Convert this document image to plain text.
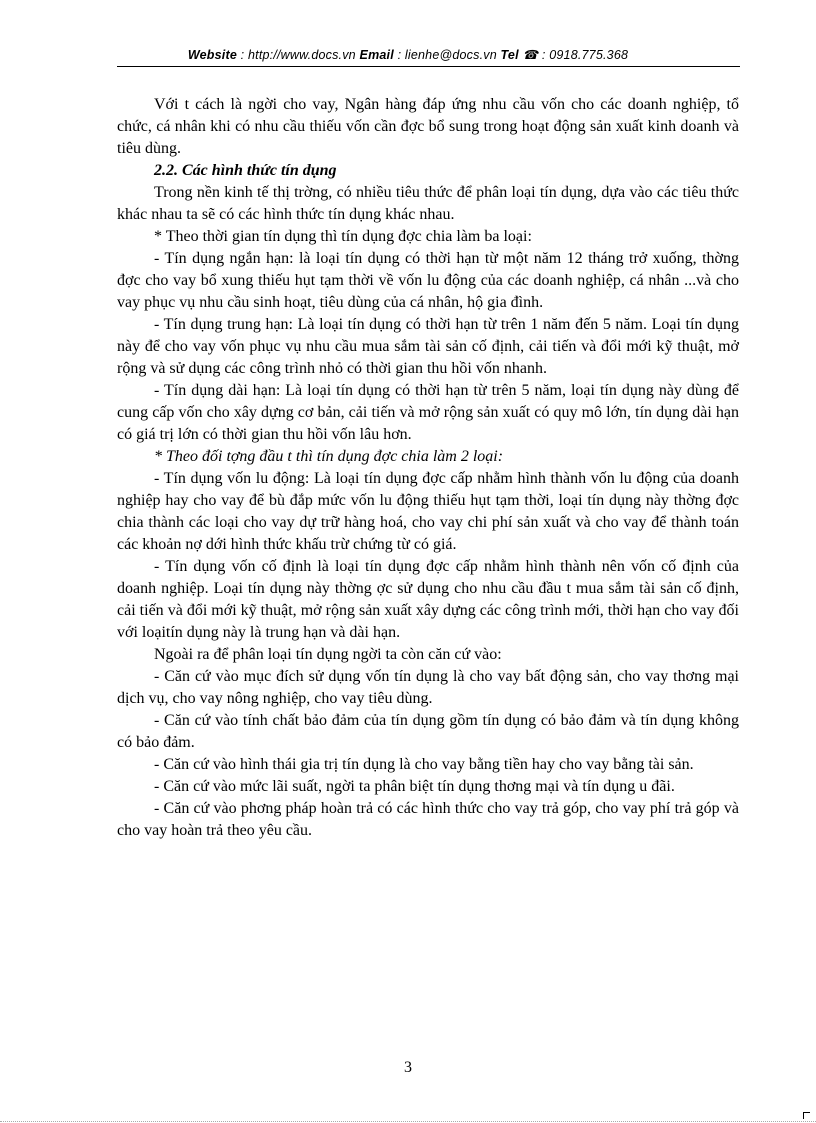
Website : http://www.docs.vn Email : lienhe@docs.vn Tel ☎ : 0918.775.368

Với t cách là ngời cho vay, Ngân hàng đáp ứng nhu cầu vốn cho các doanh nghiệp, tổ chức, cá nhân khi có nhu cầu thiếu vốn cần đợc bổ sung trong hoạt động sản xuất kinh doanh và tiêu dùng.

2.2. Các hình thức tín dụng

Trong nền kinh tế thị trờng, có nhiều tiêu thức để phân loại tín dụng, dựa vào các tiêu thức khác nhau ta sẽ có các hình thức tín dụng khác nhau.

* Theo thời gian tín dụng thì tín dụng đợc chia làm ba loại:

- Tín dụng ngắn hạn: là loại tín dụng có thời hạn từ một năm 12 tháng trở xuống, thờng đợc cho vay bổ xung thiếu hụt tạm thời về vốn lu động của các doanh nghiệp, cá nhân ...và cho vay phục vụ nhu cầu sinh hoạt, tiêu dùng của cá nhân, hộ gia đình.

- Tín dụng trung hạn: Là loại tín dụng có thời hạn từ trên 1 năm đến 5 năm. Loại tín dụng này để cho vay vốn phục vụ nhu cầu mua sắm tài sản cố định, cải tiến và đổi mới kỹ thuật, mở rộng và sử dụng các công trình nhỏ có thời gian thu hồi vốn nhanh.

- Tín dụng dài hạn: Là loại tín dụng có thời hạn từ trên 5 năm, loại tín dụng này dùng để cung cấp vốn cho xây dựng cơ bản, cải tiến và mở rộng sản xuất có quy mô lớn, tín dụng dài hạn có giá trị lớn có thời gian thu hồi vốn lâu hơn.

* Theo đối tợng đầu t thì tín dụng đợc chia làm 2 loại:

- Tín dụng vốn lu động: Là loại tín dụng đợc cấp nhằm hình thành vốn lu động của doanh nghiệp hay cho vay để bù đắp mức vốn lu động thiếu hụt tạm thời, loại tín dụng này thờng đợc chia thành các loại cho vay dự trữ hàng hoá, cho vay chi phí sản xuất và cho vay để thành toán các khoản nợ dới hình thức khấu trừ chứng từ có giá.

- Tín dụng vốn cố định là loại tín dụng đợc cấp nhằm hình thành nên vốn cố định của doanh nghiệp. Loại tín dụng này thờng ợc sử dụng cho nhu cầu đầu t mua sắm tài sản cố định, cải tiến và đổi mới kỹ thuật, mở rộng sản xuất xây dựng các công trình mới, thời hạn cho vay đối với loạitín dụng này là trung hạn và dài hạn.

Ngoài ra để phân loại tín dụng ngời ta còn căn cứ vào:

- Căn cứ vào mục đích sử dụng vốn tín dụng là cho vay bất động sản, cho vay thơng mại dịch vụ, cho vay nông nghiệp, cho vay tiêu dùng.

- Căn cứ vào tính chất bảo đảm của tín dụng gồm tín dụng có bảo đảm và tín dụng không có bảo đảm.

- Căn cứ vào hình thái gia trị tín dụng là cho vay bằng tiền hay cho vay bằng tài sản.

- Căn cứ vào mức lãi suất, ngời ta phân biệt tín dụng thơng mại và tín dụng u đãi.

- Căn cứ vào phơng pháp hoàn trả có các hình thức cho vay trả góp, cho vay phí trả góp và cho vay hoàn trả theo yêu cầu.

3
